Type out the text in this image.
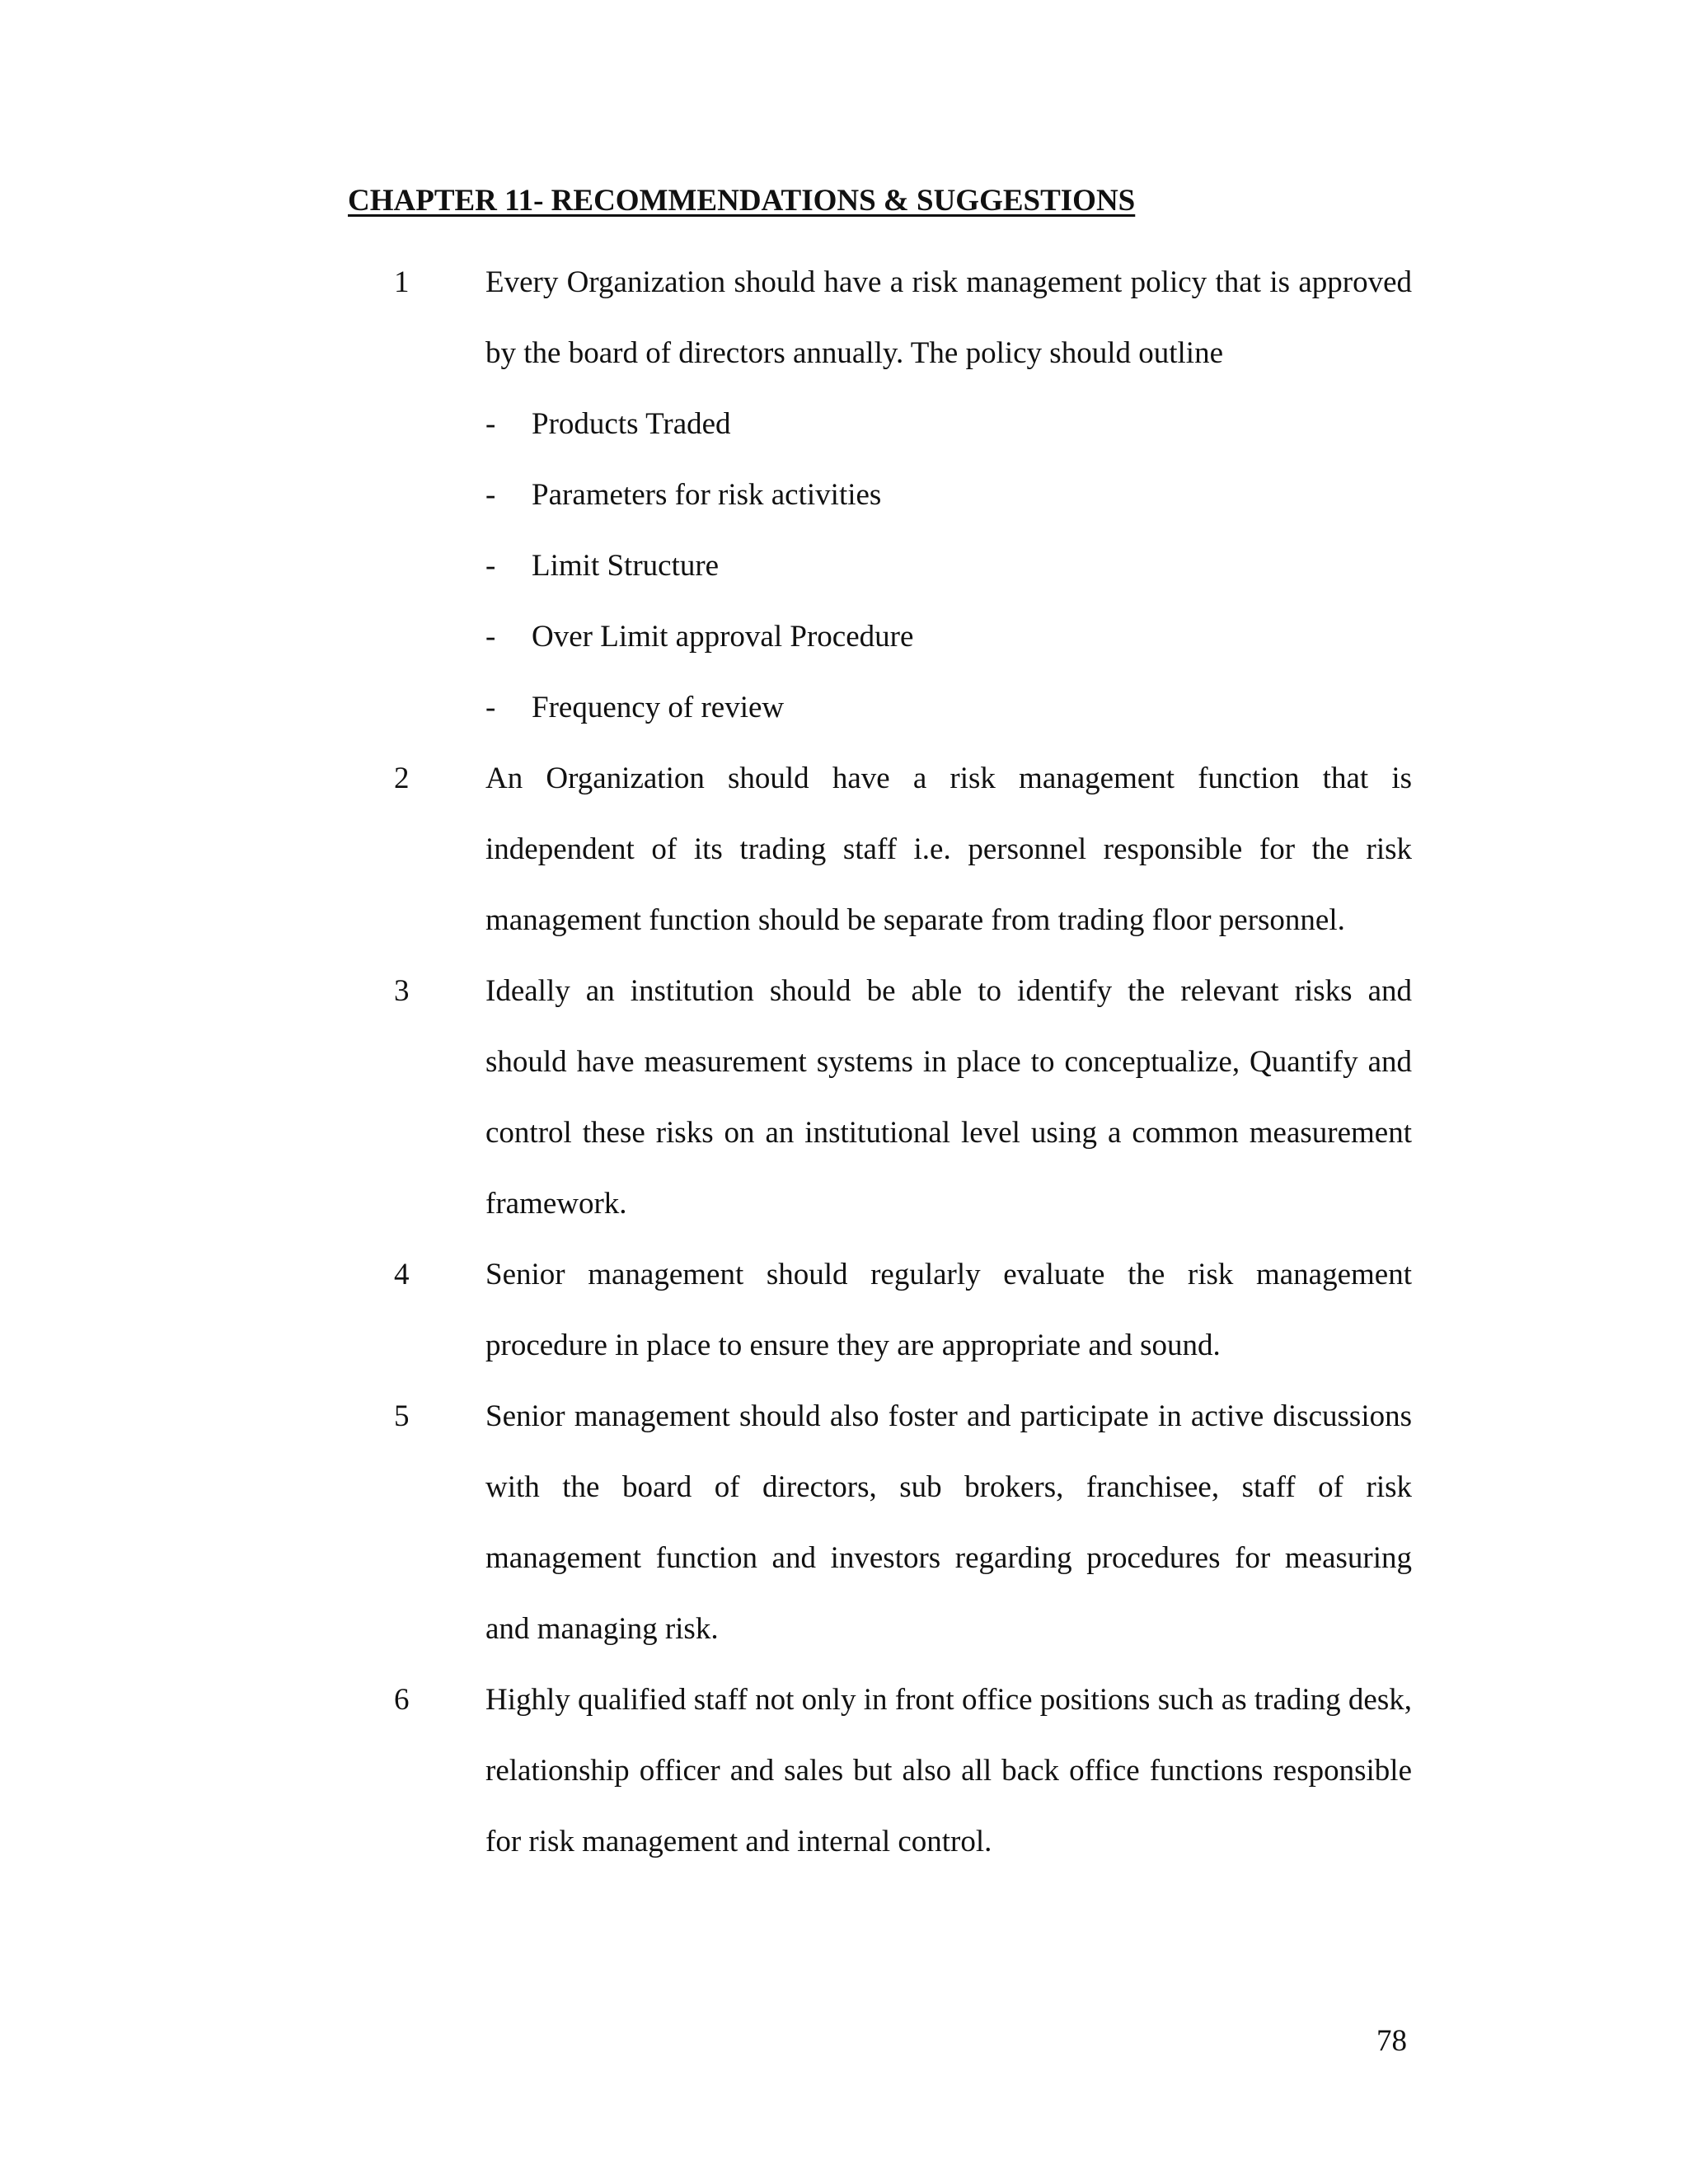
CHAPTER 11- RECOMMENDATIONS & SUGGESTIONS
1	Every Organization should have a risk management policy that is approved by the board of directors annually. The policy should outline
- Products Traded
- Parameters for risk activities
- Limit Structure
- Over Limit approval Procedure
- Frequency of review
2	An Organization should have a risk management function that is independent of its trading staff i.e. personnel responsible for the risk management function should be separate from trading floor personnel.
3	Ideally an institution should be able to identify the relevant risks and should have measurement systems in place to conceptualize, Quantify and control these risks on an institutional level using a common measurement framework.
4	Senior management should regularly evaluate the risk management procedure in place to ensure they are appropriate and sound.
5	Senior management should also foster and participate in active discussions with the board of directors, sub brokers, franchisee, staff of risk management function and investors regarding procedures for measuring and managing risk.
6	Highly qualified staff not only in front office positions such as trading desk, relationship officer and sales but also all back office functions responsible for risk management and internal control.
78
